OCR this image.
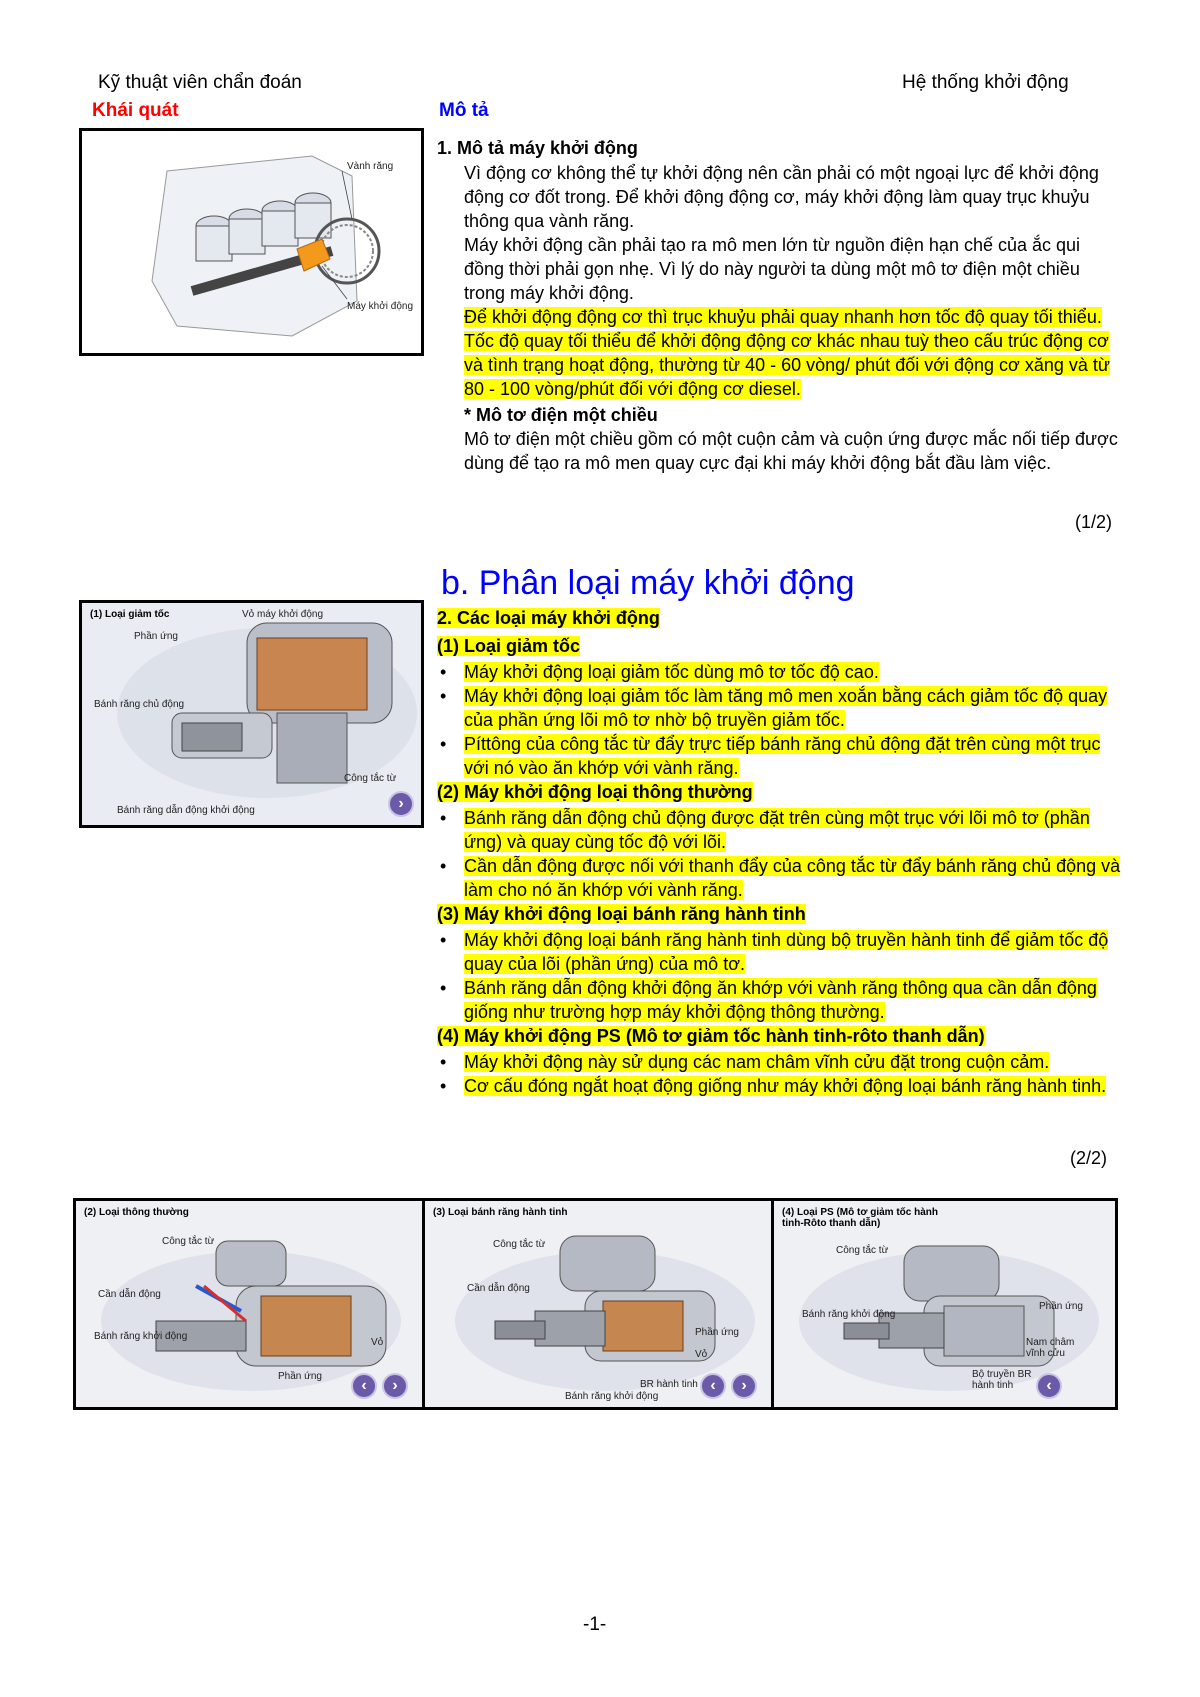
Kỹ thuật viên chẩn đoán	Hệ thống khởi động
Khái quát	Mô tả
Vành răng
Máy khởi động
1. Mô tả máy khởi động
Vì động cơ không thể tự khởi động nên cần phải có một ngoại lực để khởi động động cơ đốt trong. Để khởi động động cơ, máy khởi động làm quay trục khuỷu thông qua vành răng.
Máy khởi động cần phải tạo ra mô men lớn từ nguồn điện hạn chế của ắc qui đồng thời phải gọn nhẹ. Vì lý do này người ta dùng một mô tơ điện một chiều trong máy khởi động.
Để khởi động động cơ thì trục khuỷu phải quay nhanh hơn tốc độ quay tối thiểu. Tốc độ quay tối thiểu để khởi động động cơ khác nhau tuỳ theo cấu trúc động cơ và tình trạng hoạt động, thường từ 40 - 60 vòng/ phút đối với động cơ xăng và từ 80 - 100 vòng/phút đối với động cơ diesel.
* Mô tơ điện một chiều
Mô tơ điện một chiều gồm có một cuộn cảm và cuộn ứng được mắc nối tiếp được dùng để tạo ra mô men quay cực đại khi máy khởi động bắt đầu làm việc.
(1/2)
b. Phân loại máy khởi động
(1) Loại giảm tốc	Vỏ máy khởi động
Phần ứng
Bánh răng chủ động
Công tắc từ
Bánh răng dẫn động khởi động	›
2. Các loại máy khởi động
(1) Loại giảm tốc
• Máy khởi động loại giảm tốc dùng mô tơ tốc độ cao.
• Máy khởi động loại giảm tốc làm tăng mô men xoắn bằng cách giảm tốc độ quay của phần ứng lõi mô tơ nhờ bộ truyền giảm tốc.
• Píttông của công tắc từ đẩy trực tiếp bánh răng chủ động đặt trên cùng một trục với nó vào ăn khớp với vành răng.
(2) Máy khởi động loại thông thường
• Bánh răng dẫn động chủ động được đặt trên cùng một trục với lõi mô tơ (phần ứng) và quay cùng tốc độ với lõi.
• Cần dẫn động được nối với thanh đẩy của công tắc từ đẩy bánh răng chủ động và làm cho nó ăn khớp với vành răng.
(3) Máy khởi động loại bánh răng hành tinh
• Máy khởi động loại bánh răng hành tinh dùng bộ truyền hành tinh để giảm tốc độ quay của lõi (phần ứng) của mô tơ.
• Bánh răng dẫn động khởi động ăn khớp với vành răng thông qua cần dẫn động giống như trường hợp máy khởi động thông thường.
(4) Máy khởi động PS (Mô tơ giảm tốc hành tinh-rôto thanh dẫn)
• Máy khởi động này sử dụng các nam châm vĩnh cửu đặt trong cuộn cảm.
• Cơ cấu đóng ngắt hoạt động giống như máy khởi động loại bánh răng hành tinh.
(2/2)
(2) Loại thông thường
Công tắc từ
Cần dẫn động
Bánh răng khởi động
Vỏ
Phần ứng
‹	›
(3) Loại bánh răng hành tinh
Công tắc từ
Cần dẫn động
Phần ứng
Vỏ
BR hành tinh
Bánh răng khởi động
‹	›
(4) Loại PS (Mô tơ giảm tốc hành tinh-Rôto thanh dẫn)
Công tắc từ
Phần ứng
Bánh răng khởi động
Nam châm vĩnh cửu
Bộ truyền BR hành tinh	‹
-1-
